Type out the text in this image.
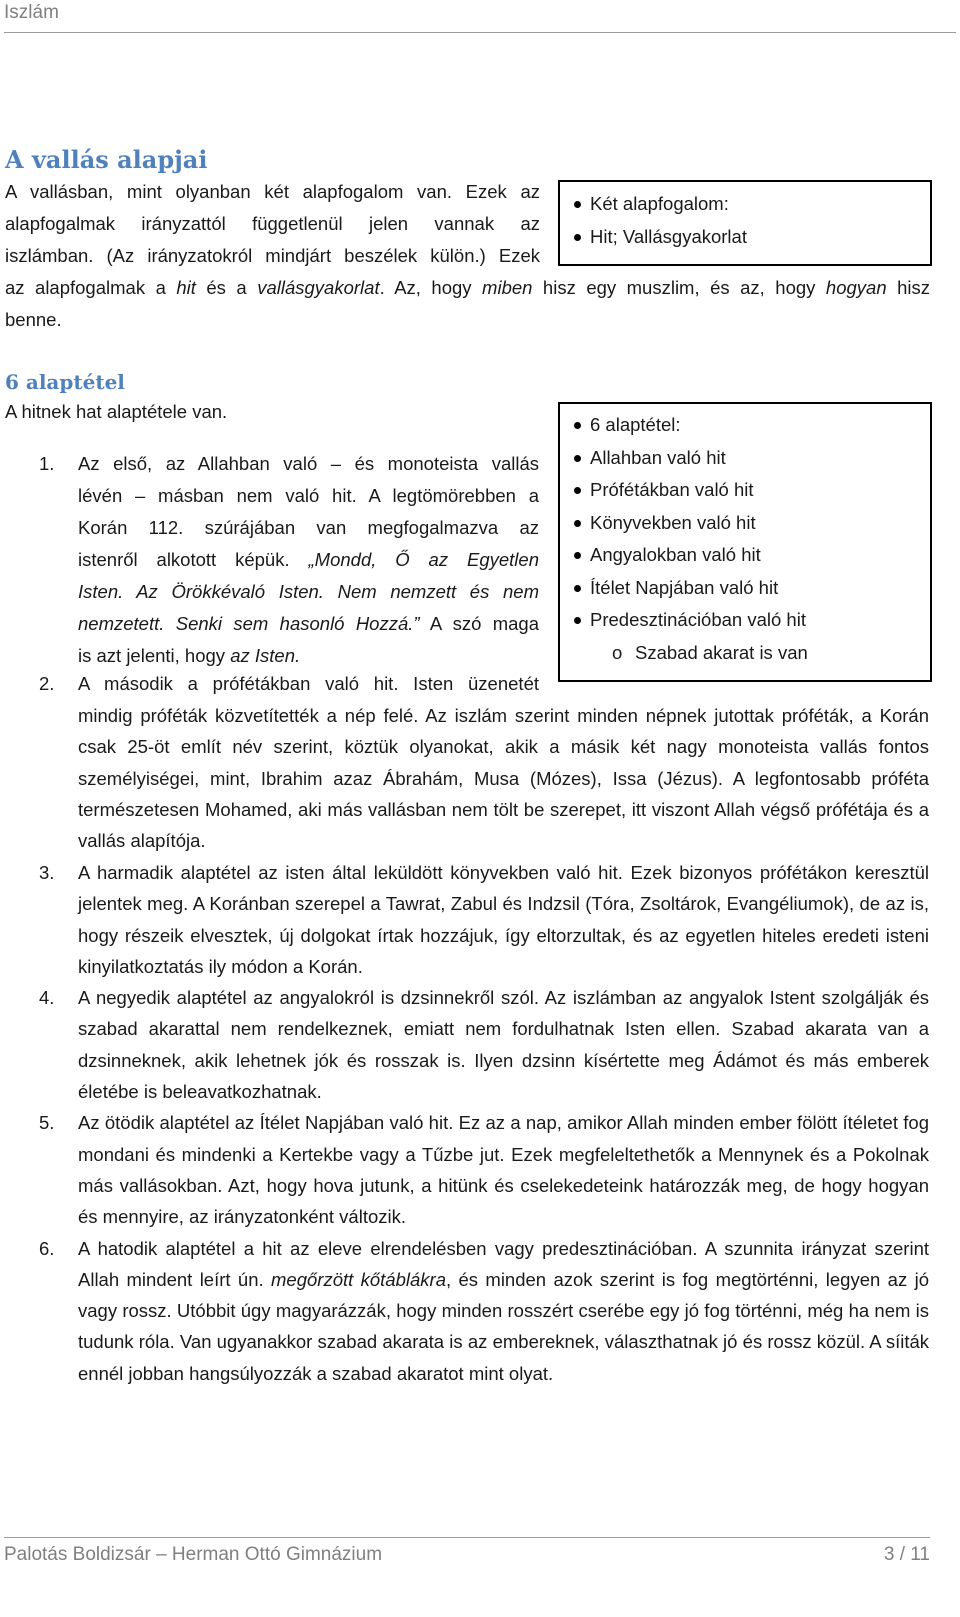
Iszlám
A vallás alapjai
A vallásban, mint olyanban két alapfogalom van. Ezek az
alapfogalmak irányzattól függetlenül jelen vannak az
iszlámban. (Az irányzatokról mindjárt beszélek külön.) Ezek
az alapfogalmak a hit és a vallásgyakorlat. Az, hogy miben hisz egy muszlim, és az, hogy hogyan hisz
benne.
Két alapfogalom:
Hit; Vallásgyakorlat
6 alaptétel
A hitnek hat alaptétele van.
6 alaptétel:
Allahban való hit
Prófétákban való hit
Könyvekben való hit
Angyalokban való hit
Ítélet Napjában való hit
Predesztinációban való hit
o Szabad akarat is van
1. Az első, az Allahban való – és monoteista vallás
lévén – másban nem való hit. A legtömörebben a
Korán 112. szúrájában van megfogalmazva az
istenről alkotott képük. „Mondd, Ő az Egyetlen
Isten. Az Örökkévaló Isten. Nem nemzett és nem
nemzetett. Senki sem hasonló Hozzá.” A szó maga
is azt jelenti, hogy az Isten.
2. A második a prófétákban való hit. Isten üzenetét
mindig próféták közvetítették a nép felé. Az iszlám szerint minden népnek jutottak próféták, a Korán csak 25-öt említ név szerint, köztük olyanokat, akik a másik két nagy monoteista vallás fontos személyiségei, mint, Ibrahim azaz Ábrahám, Musa (Mózes), Issa (Jézus). A legfontosabb próféta természetesen Mohamed, aki más vallásban nem tölt be szerepet, itt viszont Allah végső prófétája és a vallás alapítója.
3. A harmadik alaptétel az isten által leküldött könyvekben való hit. Ezek bizonyos prófétákon keresztül jelentek meg. A Koránban szerepel a Tawrat, Zabul és Indzsil (Tóra, Zsoltárok, Evangéliumok), de az is, hogy részeik elvesztek, új dolgokat írtak hozzájuk, így eltorzultak, és az egyetlen hiteles eredeti isteni kinyilatkoztatás ily módon a Korán.
4. A negyedik alaptétel az angyalokról is dzsinnekről szól. Az iszlámban az angyalok Istent szolgálják és szabad akarattal nem rendelkeznek, emiatt nem fordulhatnak Isten ellen. Szabad akarata van a dzsinneknek, akik lehetnek jók és rosszak is. Ilyen dzsinn kísértette meg Ádámot és más emberek életébe is beleavatkozhatnak.
5. Az ötödik alaptétel az Ítélet Napjában való hit. Ez az a nap, amikor Allah minden ember fölött ítéletet fog mondani és mindenki a Kertekbe vagy a Tűzbe jut. Ezek megfeleltethetők a Mennynek és a Pokolnak más vallásokban. Azt, hogy hova jutunk, a hitünk és cselekedeteink határozzák meg, de hogy hogyan és mennyire, az irányzatonként változik.
6. A hatodik alaptétel a hit az eleve elrendelésben vagy predesztinációban. A szunnita irányzat szerint Allah mindent leírt ún. megőrzött kőtáblákra, és minden azok szerint is fog megtörténni, legyen az jó vagy rossz. Utóbbit úgy magyarázzák, hogy minden rosszért cserébe egy jó fog történni, még ha nem is tudunk róla. Van ugyanakkor szabad akarata is az embereknek, választhatnak jó és rossz közül. A síiták ennél jobban hangsúlyozzák a szabad akaratot mint olyat.
Palotás Boldizsár – Herman Ottó Gimnázium	3 / 11
